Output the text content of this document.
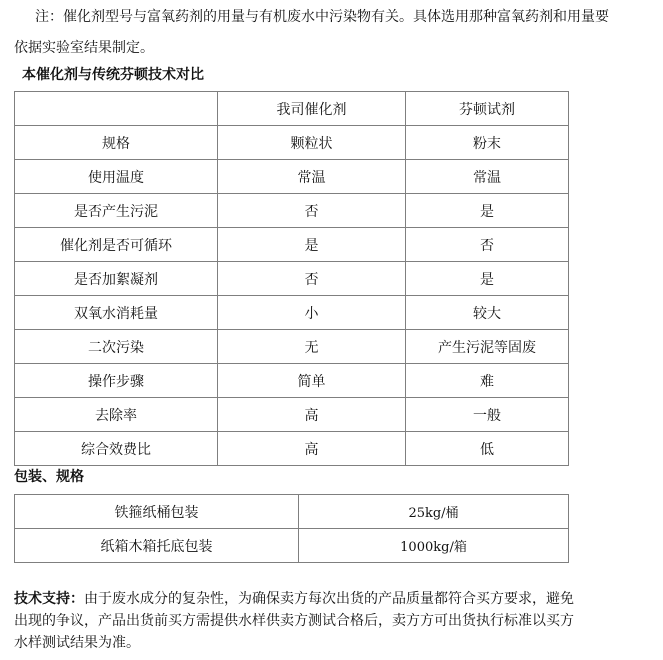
注：催化剂型号与富氧药剂的用量与有机废水中污染物有关。具体选用那种富氧药剂和用量要依据实验室结果制定。

本催化剂与传统芬顿技术对比
	我司催化剂	芬顿试剂
规格	颗粒状	粉末
使用温度	常温	常温
是否产生污泥	否	是
催化剂是否可循环	是	否
是否加絮凝剂	否	是
双氧水消耗量	小	较大
二次污染	无	产生污泥等固废
操作步骤	简单	难
去除率	高	一般
综合效费比	高	低
包装、规格
铁箍纸桶包装	25kg/桶
纸箱木箱托底包装	1000kg/箱

技术支持：由于废水成分的复杂性，为确保卖方每次出货的产品质量都符合买方要求，避免出现的争议，产品出货前买方需提供水样供卖方测试合格后，卖方方可出货执行标准以买方水样测试结果为准。
